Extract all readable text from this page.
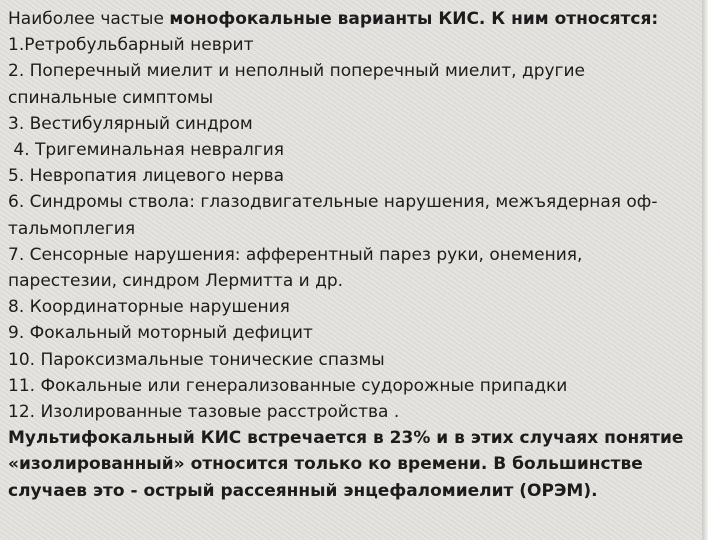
Наиболее частые монофокальные варианты КИС. К ним относятся:
1.Ретробульбарный неврит
2. Поперечный миелит и неполный поперечный миелит, другие
спинальные симптомы
3. Вестибулярный синдром
4. Тригеминальная невралгия
5. Невропатия лицевого нерва
6. Синдромы ствола: глазодвигательные нарушения, межъядерная оф-
тальмоплегия
7. Сенсорные нарушения: афферентный парез руки, онемения,
парестезии, синдром Лермитта и др.
8. Координаторные нарушения
9. Фокальный моторный дефицит
10. Пароксизмальные тонические спазмы
11. Фокальные или генерализованные судорожные припадки
12. Изолированные тазовые расстройства .
Мультифокальный КИС встречается в 23% и в этих случаях понятие
«изолированный» относится только ко времени. В большинстве
случаев это - острый рассеянный энцефаломиелит (ОРЭМ).
